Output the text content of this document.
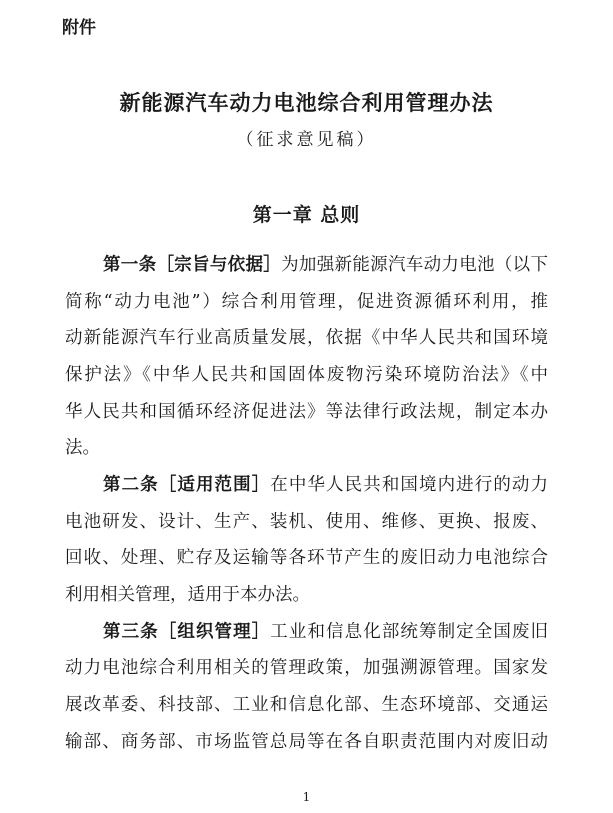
附件
新能源汽车动力电池综合利用管理办法
（征求意见稿）
第一章 总则
第一条［宗旨与依据］为加强新能源汽车动力电池（以下
简称“动力电池”）综合利用管理，促进资源循环利用，推
动新能源汽车行业高质量发展，依据《中华人民共和国环境
保护法》《中华人民共和国固体废物污染环境防治法》《中
华人民共和国循环经济促进法》等法律行政法规，制定本办
法。
第二条［适用范围］在中华人民共和国境内进行的动力
电池研发、设计、生产、装机、使用、维修、更换、报废、
回收、处理、贮存及运输等各环节产生的废旧动力电池综合
利用相关管理，适用于本办法。
第三条［组织管理］工业和信息化部统筹制定全国废旧
动力电池综合利用相关的管理政策，加强溯源管理。国家发
展改革委、科技部、工业和信息化部、生态环境部、交通运
输部、商务部、市场监管总局等在各自职责范围内对废旧动
1
